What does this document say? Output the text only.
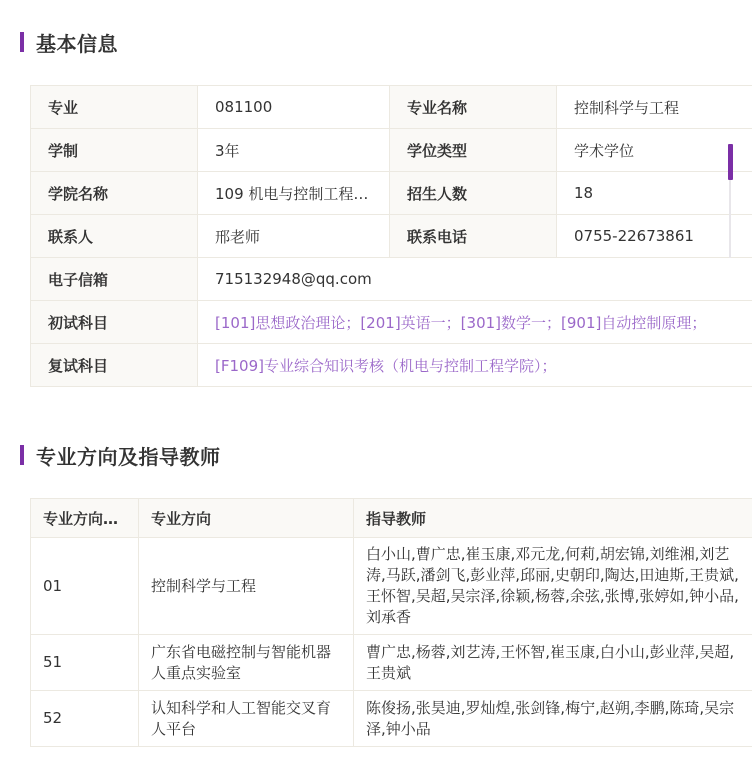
基本信息
专业	081100	专业名称	控制科学与工程
学制	3年	学位类型	学术学位
学院名称	109 机电与控制工程…	招生人数	18
联系人	邢老师	联系电话	0755-22673861
电子信箱	715132948@qq.com		
初试科目	[101]思想政治理论；[201]英语一；[301]数学一；[901]自动控制原理；		
复试科目	[F109]专业综合知识考核（机电与控制工程学院）；		
专业方向及指导教师
专业方向…	专业方向	指导教师
01	控制科学与工程	白小山,曹广忠,崔玉康,邓元龙,何莉,胡宏锦,刘维湘,刘艺涛,马跃,潘剑飞,彭业萍,邱丽,史朝印,陶达,田迪斯,王贵斌,王怀智,吴超,吴宗泽,徐颖,杨蓉,余弦,张博,张婷如,钟小品,刘承香
51	广东省电磁控制与智能机器人重点实验室	曹广忠,杨蓉,刘艺涛,王怀智,崔玉康,白小山,彭业萍,吴超,王贵斌
52	认知科学和人工智能交叉育人平台	陈俊扬,张昊迪,罗灿煌,张剑锋,梅宁,赵朔,李鹏,陈琦,吴宗泽,钟小品
